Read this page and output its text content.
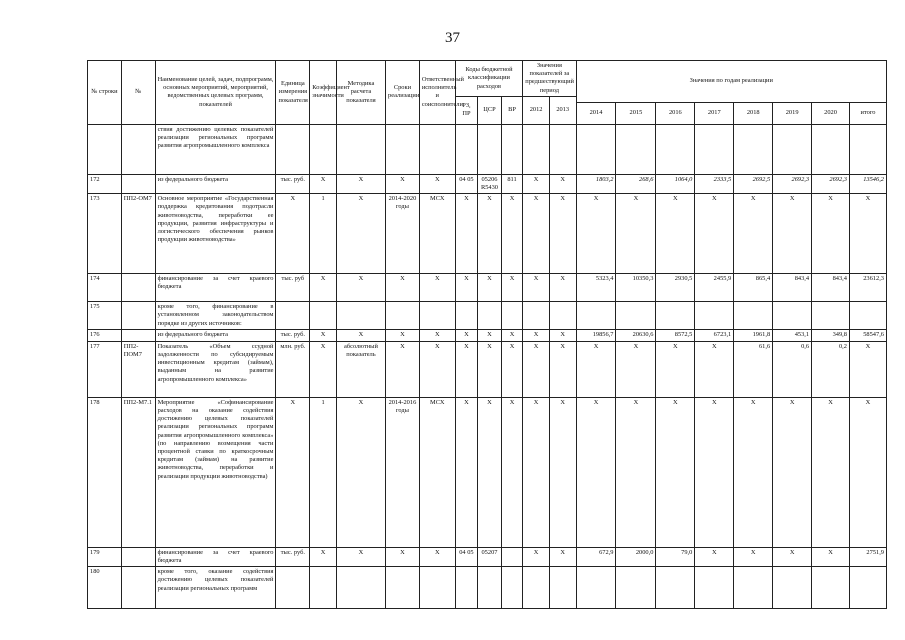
37
№ строки	№	Наименование целей, задач, подпрограмм, основных мероприятий, мероприятий, ведомственных целевых программ, показателей	Единица измерения показателя	Коэффициент значимости	Методика расчета показателя	Сроки реализации	Ответственный исполнитель и соисполнители	Коды бюджетной классификации расходов			Значения показателей за предшествующий период		Значения по годам реализации							
								РЗ, ПР	ЦСР	ВР	2012	2013								
													2014	2015	2016	2017	2018	2019	2020	итого
		ствия достижению целевых показателей реализации региональных программ развития агропромышленного комплекса																		
172		из федерального бюджета	тыс. руб.	Х	Х	Х	Х	04 05	05206 R5430	811	Х	Х	1803,2	268,6	1064,0	2333,5	2692,5	2692,3	2692,3	13546,2
173	ПП2-ОМ7	Основное мероприятие «Государственная поддержка кредитования подотрасли животноводства, переработки ее продукции, развития инфраструктуры и логистического обеспечения рынков продукции животноводства»	Х	1	Х	2014-2020 годы	МСХ	Х	Х	Х	Х	Х	Х	Х	Х	Х	Х	Х	Х	Х
174		финансирование за счет краевого бюджета	тыс. руб	Х	Х	Х	Х	Х	Х	Х	Х	Х	5323,4	10350,3	2930,5	2455,9	865,4	843,4	843,4	23612,3
175		кроме того, финансирование в установленном законодательством порядке из других источников:																		
176		из федерального бюджета	тыс. руб.	Х	Х	Х	Х	Х	Х	Х	Х	Х	19856,7	20630,6	8572,5	6723,1	1961,8	453,1	349,8	58547,6
177	ПП2-ПОМ7	Показатель «Объем ссудной задолженности по субсидируемым инвестиционным кредитам (займам), выданным на развитие агропромышленного комплекса»	млн. руб.	Х	абсолютный показатель	Х	Х	Х	Х	Х	Х	Х	Х	Х	Х	Х	61,6	0,6	0,2	Х
178	ПП2-М7.1	Мероприятие «Софинансирование расходов на оказание содействия достижению целевых показателей реализации региональных программ развития агропромышленного комплекса» (по направлению возмещения части процентной ставки по краткосрочным кредитам (займам) на развитие животноводства, переработки и реализации продукции животноводства)	Х	1	Х	2014-2016 годы	МСХ	Х	Х	Х	Х	Х	Х	Х	Х	Х	Х	Х	Х	Х
179		финансирование за счет краевого бюджета	тыс. руб.	Х	Х	Х	Х	04 05	05207		Х	Х	672,9	2000,0	79,0	Х	Х	Х	Х	2751,9
180		кроме того, оказание содействия достижению целевых показателей реализации региональных программ																		
